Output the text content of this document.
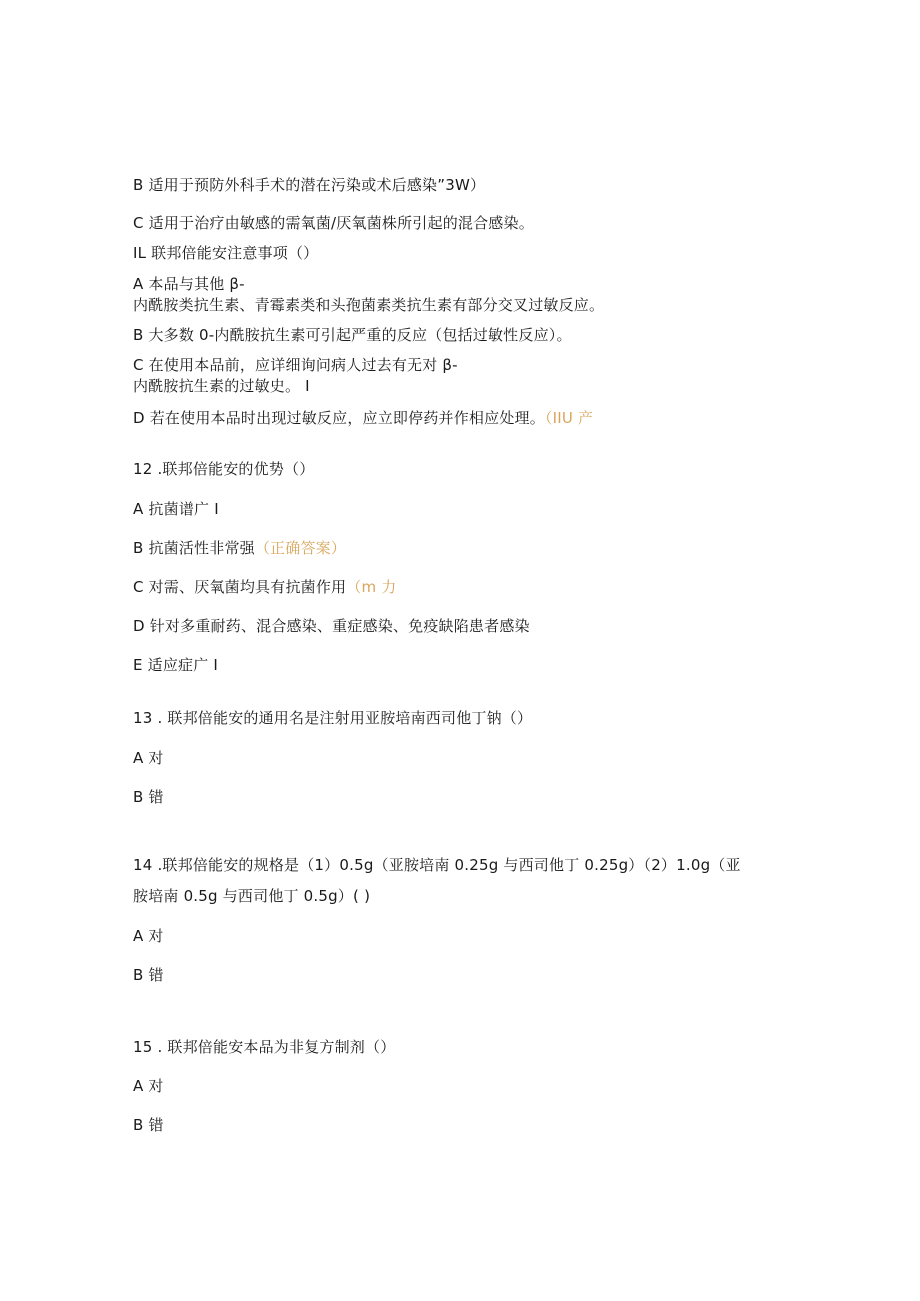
B 适用于预防外科手术的潜在污染或术后感染”3W）
C 适用于治疗由敏感的需氧菌/厌氧菌株所引起的混合感染。
IL 联邦倍能安注意事项（）
A 本品与其他 β-
内酰胺类抗生素、青霉素类和头孢菌素类抗生素有部分交叉过敏反应。
B 大多数 0-内酰胺抗生素可引起严重的反应（包括过敏性反应）。
C 在使用本品前，应详细询问病人过去有无对 β-
内酰胺抗生素的过敏史。 I
D 若在使用本品时出现过敏反应，应立即停药并作相应处理。（IIU 产
12 .联邦倍能安的优势（）
A 抗菌谱广 I
B 抗菌活性非常强（正确答案）
C 对需、厌氧菌均具有抗菌作用（m 力
D 针对多重耐药、混合感染、重症感染、免疫缺陷患者感染
E 适应症广 I
13 . 联邦倍能安的通用名是注射用亚胺培南西司他丁钠（）
A 对
B 错
14 .联邦倍能安的规格是（1）0.5g（亚胺培南 0.25g 与西司他丁 0.25g）（2）1.0g（亚
胺培南 0.5g 与西司他丁 0.5g）( )
A 对
B 错
15 . 联邦倍能安本品为非复方制剂（）
A 对
B 错
